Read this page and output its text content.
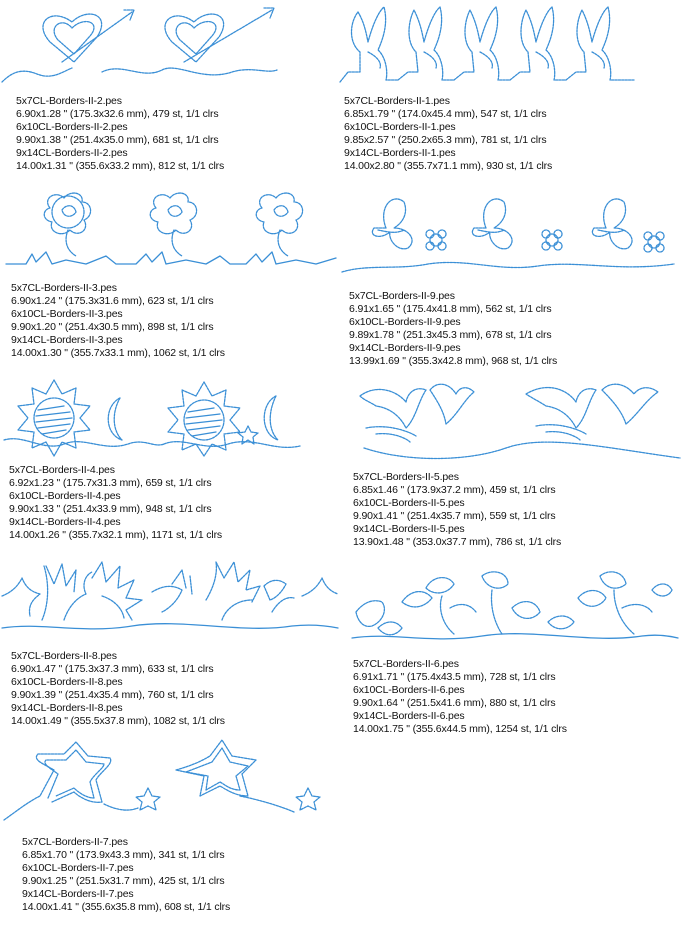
5x7CL-Borders-II-2.pes
6.90x1.28 " (175.3x32.6 mm), 479 st, 1/1 clrs
6x10CL-Borders-II-2.pes
9.90x1.38 " (251.4x35.0 mm), 681 st, 1/1 clrs
9x14CL-Borders-II-2.pes
14.00x1.31 " (355.6x33.2 mm), 812 st, 1/1 clrs
5x7CL-Borders-II-1.pes
6.85x1.79 " (174.0x45.4 mm), 547 st, 1/1 clrs
6x10CL-Borders-II-1.pes
9.85x2.57 " (250.2x65.3 mm), 781 st, 1/1 clrs
9x14CL-Borders-II-1.pes
14.00x2.80 " (355.7x71.1 mm), 930 st, 1/1 clrs
5x7CL-Borders-II-3.pes
6.90x1.24 " (175.3x31.6 mm), 623 st, 1/1 clrs
6x10CL-Borders-II-3.pes
9.90x1.20 " (251.4x30.5 mm), 898 st, 1/1 clrs
9x14CL-Borders-II-3.pes
14.00x1.30 " (355.7x33.1 mm), 1062 st, 1/1 clrs
5x7CL-Borders-II-9.pes
6.91x1.65 " (175.4x41.8 mm), 562 st, 1/1 clrs
6x10CL-Borders-II-9.pes
9.89x1.78 " (251.3x45.3 mm), 678 st, 1/1 clrs
9x14CL-Borders-II-9.pes
13.99x1.69 " (355.3x42.8 mm), 968 st, 1/1 clrs
5x7CL-Borders-II-4.pes
6.92x1.23 " (175.7x31.3 mm), 659 st, 1/1 clrs
6x10CL-Borders-II-4.pes
9.90x1.33 " (251.4x33.9 mm), 948 st, 1/1 clrs
9x14CL-Borders-II-4.pes
14.00x1.26 " (355.7x32.1 mm), 1171 st, 1/1 clrs
5x7CL-Borders-II-5.pes
6.85x1.46 " (173.9x37.2 mm), 459 st, 1/1 clrs
6x10CL-Borders-II-5.pes
9.90x1.41 " (251.4x35.7 mm), 559 st, 1/1 clrs
9x14CL-Borders-II-5.pes
13.90x1.48 " (353.0x37.7 mm), 786 st, 1/1 clrs
5x7CL-Borders-II-8.pes
6.90x1.47 " (175.3x37.3 mm), 633 st, 1/1 clrs
6x10CL-Borders-II-8.pes
9.90x1.39 " (251.4x35.4 mm), 760 st, 1/1 clrs
9x14CL-Borders-II-8.pes
14.00x1.49 " (355.5x37.8 mm), 1082 st, 1/1 clrs
5x7CL-Borders-II-6.pes
6.91x1.71 " (175.4x43.5 mm), 728 st, 1/1 clrs
6x10CL-Borders-II-6.pes
9.90x1.64 " (251.5x41.6 mm), 880 st, 1/1 clrs
9x14CL-Borders-II-6.pes
14.00x1.75 " (355.6x44.5 mm), 1254 st, 1/1 clrs
5x7CL-Borders-II-7.pes
6.85x1.70 " (173.9x43.3 mm), 341 st, 1/1 clrs
6x10CL-Borders-II-7.pes
9.90x1.25 " (251.5x31.7 mm), 425 st, 1/1 clrs
9x14CL-Borders-II-7.pes
14.00x1.41 " (355.6x35.8 mm), 608 st, 1/1 clrs
